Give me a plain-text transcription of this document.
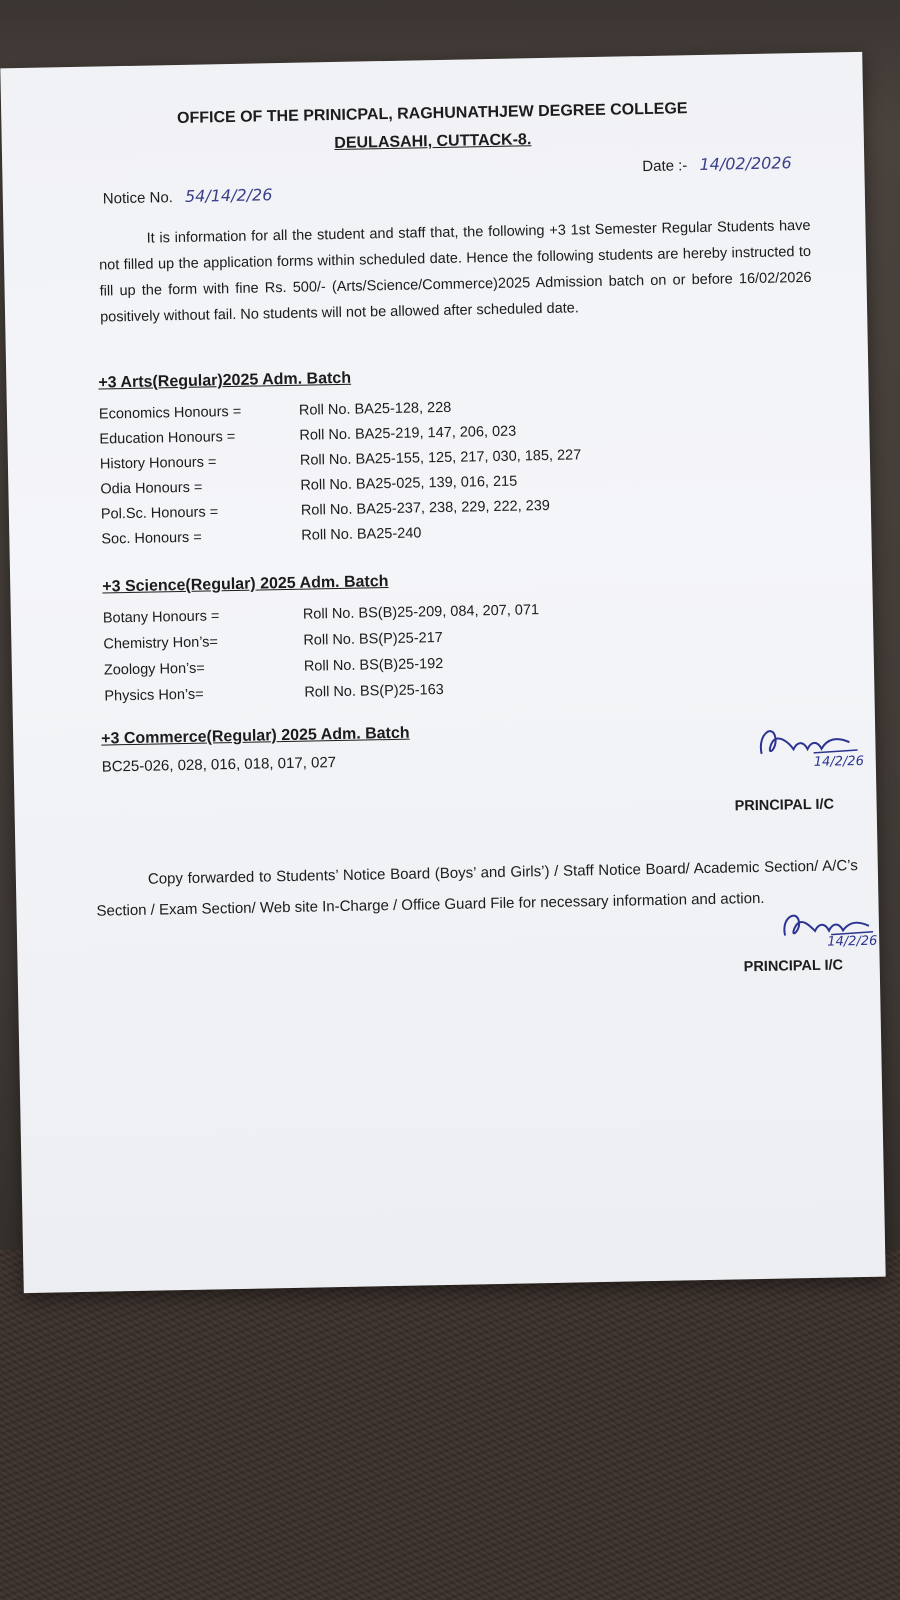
OFFICE OF THE PRINICPAL, RAGHUNATHJEW DEGREE COLLEGE
DEULASAHI, CUTTACK-8.
Notice No. 54/14/2/26
Date :- 14/02/2026
It is information for all the student and staff that, the following +3 1st Semester Regular Students have not filled up the application forms within scheduled date. Hence the following students are hereby instructed to fill up the form with fine Rs. 500/- (Arts/Science/Commerce)2025 Admission batch on or before 16/02/2026 positively without fail. No students will not be allowed after scheduled date.
+3 Arts(Regular)2025 Adm. Batch
Economics Honours =	Roll No. BA25-128, 228
Education Honours =	Roll No. BA25-219, 147, 206, 023
History Honours =	Roll No. BA25-155, 125, 217, 030, 185, 227
Odia Honours =	Roll No. BA25-025, 139, 016, 215
Pol.Sc. Honours =	Roll No. BA25-237, 238, 229, 222, 239
Soc. Honours =	Roll No. BA25-240
+3 Science(Regular) 2025 Adm. Batch
Botany Honours =	Roll No. BS(B)25-209, 084, 207, 071
Chemistry Hon’s=	Roll No. BS(P)25-217
Zoology Hon’s=	Roll No. BS(B)25-192
Physics Hon’s=	Roll No. BS(P)25-163
+3 Commerce(Regular) 2025 Adm. Batch
BC25-026, 028, 016, 018, 017, 027	14/2/26
PRINCIPAL I/C
Copy forwarded to Students’ Notice Board (Boys’ and Girls’) / Staff Notice Board/ Academic Section/ A/C’s Section / Exam Section/ Web site In-Charge / Office Guard File for necessary information and action.
14/2/26
PRINCIPAL I/C
